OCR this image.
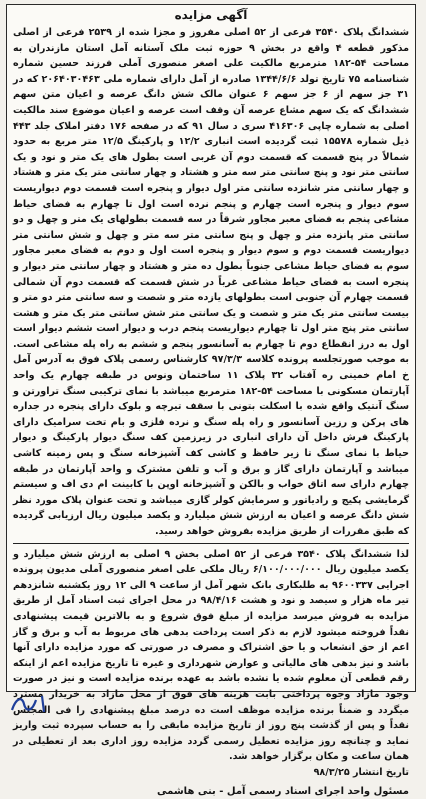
آگهی مزایده

ششدانگ پلاک ۳۵۴۰ فرعی از ۵۲ اصلی مفروز و مجزا شده از ۲۵۳۹ فرعی از اصلی مذکور قطعه ۴ واقع در بخش ۹ حوزه ثبت ملک آستانه آمل استان مازندران به مساحت ۵۴-۱۸۲ مترمربع مالکیت علی اصغر منصوری آملی فرزند حسین شماره شناسنامه ۷۵ تاریخ تولد ۱۳۴۴/۶/۶ صادره از آمل دارای شماره ملی ۲۰۶۴۰۳۰۴۶۳ که در ۳۱ جز سهم از ۶ جز سهم ۶ عنوان مالک شش دانگ عرصه و اعیان متن سهم ششدانگ که یک سهم مشاع عرصه آن وقف است عرصه و اعیان موضوع سند مالکیت اصلی به شماره چاپی ۴۱۶۳۰۶ سری د سال ۹۱ که در صفحه ۱۷۶ دفتر املاک جلد ۴۴۳ ذیل شماره ۱۵۵۷۸ ثبت گردیده است انباری ۱۲/۲ و پارکینگ ۱۲/۵ متر مربع به حدود شمالاً در پنج قسمت که قسمت دوم آن غربی است بطول های یک متر و نود و یک سانتی متر نود و پنج سانتی متر سه متر و هشتاد و چهار سانتی متر یک متر و هشتاد و چهار سانتی متر شانزده سانتی متر اول دیوار و پنجره است قسمت دوم دیواریست سوم دیوار و پنجره است چهارم و پنجم نرده است اول تا چهارم به فضای حیاط مشاعی پنجم به فضای معبر مجاور شرقاً در سه قسمت بطولهای یک متر و چهل و دو سانتی متر پانزده متر و چهل و پنج سانتی متر سه متر و چهل و شش سانتی متر دیواریست قسمت دوم و سوم دیوار و پنجره است اول و دوم به فضای معبر مجاور سوم به فضای حیاط مشاعی جنوباً بطول ده متر و هشتاد و چهار سانتی متر دیوار و پنجره است به فضای حیاط مشاعی غرباً در شش قسمت که قسمت دوم آن شمالی قسمت چهارم آن جنوبی است بطولهای یازده متر و شصت و سه سانتی متر دو متر و بیست سانتی متر یک متر و شصت و یک سانتی متر شش سانتی متر یک متر و هشت سانتی متر پنج متر اول تا چهارم دیواریست پنجم درب و دیوار است ششم دیوار است اول به درز انقطاع دوم تا چهارم به آسانسور پنجم و ششم به راه پله مشاعی است. به موجب صورتجلسه پرونده کلاسه ۹۷/۳/۳ کارشناس رسمی پلاک فوق به آدرس آمل خ امام خمینی ره آفتاب ۳۲ پلاک ۱۱ ساختمان ونوس در طبقه چهارم یک واحد آپارتمان مسکونی با مساحت ۵۴-۱۸۲ مترمربع میباشد با نمای ترکیبی سنگ تراورتن و سنگ آنتیک واقع شده با اسکلت بتونی با سقف تیرچه و بلوک دارای پنجره در جداره های پرکن و رزین آسانسور و راه پله سنگ و نرده فلزی و بام تخت سرامیک دارای پارکینگ فرش داخل آن دارای انباری در زیرزمین کف سنگ دیوار پارکینگ و دیوار حیاط با نمای سنگ تا زیر حافظ و کاشی کف آشپزخانه سنگ و پس زمینه کاشی میباشد و آپارتمان دارای گاز و برق و آب و تلفن مشترک و واحد آپارتمان در طبقه چهارم دارای سه اتاق خواب و بالکن و آشپزخانه اوپن با کابینت ام دی اف و سیستم گرمایشی پکیج و رادیاتور و سرمایش کولر گازی میباشد و تحت عنوان پلاک مورد نظر شش دانگ عرصه و اعیان به ارزش شش میلیارد و یکصد میلیون ریال ارزیابی گردیده که طبق مقررات از طریق مزایده بفروش خواهد رسید.

لذا ششدانگ پلاک ۳۵۴۰ فرعی از ۵۲ اصلی بخش ۹ اصلی به ارزش شش میلیارد و یکصد میلیون ریال ۶/۱۰۰/۰۰۰/۰۰۰ ریال ملکی علی اصغر منصوری آملی مدیون پرونده اجرایی ۹۶۰۰۳۳۷ به طلبکاری بانک شهر آمل از ساعت ۹ الی ۱۲ روز یکشنبه شانزدهم تیر ماه هزار و سیصد و نود و هشت ۹۸/۴/۱۶ در محل اجرای ثبت اسناد آمل از طریق مزایده به فروش میرسد مزایده از مبلغ فوق شروع و به بالاترین قیمت پیشنهادی نقداً فروخته میشود لازم به ذکر است پرداخت بدهی های مربوط به آب و برق و گاز اعم از حق انشعاب و یا حق اشتراک و مصرف در صورتی که مورد مزایده دارای آنها باشد و نیز بدهی های مالیاتی و عوارض شهرداری و غیره تا تاریخ مزایده اعم از اینکه رقم قطعی آن معلوم شده یا نشده باشد به عهده برنده مزایده است و نیز در صورت وجود مازاد وجوه پرداختی بابت هزینه های فوق از محل مازاد به خریدار مسترد میگردد و ضمناً برنده مزایده موظف است ده درصد مبلغ پیشنهادی را فی المجلس نقداً و پس از گذشت پنج روز از تاریخ مزایده مابقی را به حساب سپرده ثبت واریز نماید و چنانچه روز مزایده تعطیل رسمی گردد مزایده روز اداری بعد از تعطیلی در همان ساعت و مکان برگزار خواهد شد.

تاریخ انتشار ۹۸/۳/۲۵
مسئول واحد اجرای اسناد رسمی آمل - بنی هاشمی
